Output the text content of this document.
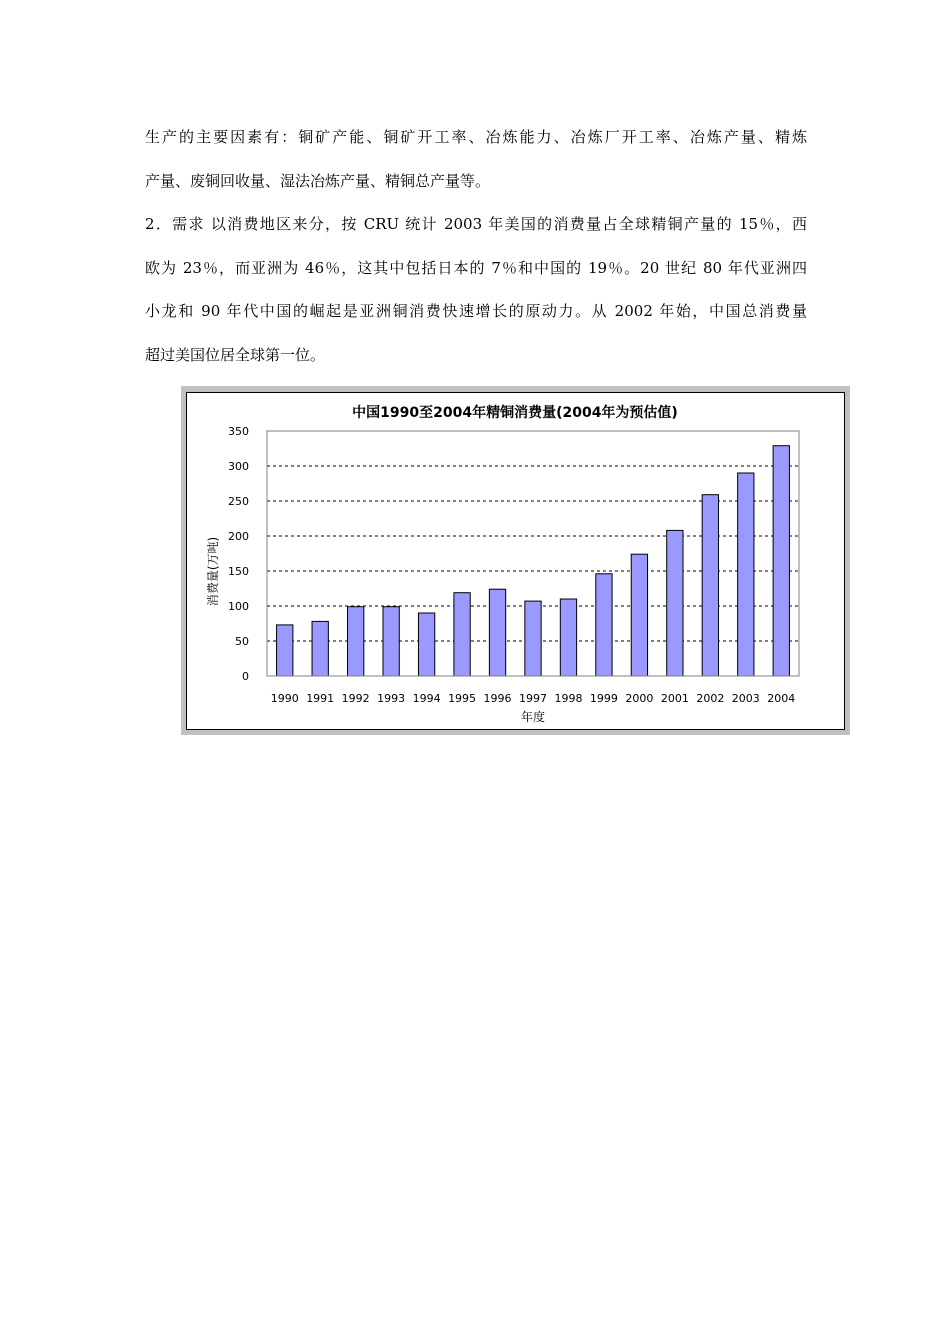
生产的主要因素有：铜矿产能、铜矿开工率、冶炼能力、冶炼厂开工率、冶炼产量、精炼
产量、废铜回收量、湿法冶炼产量、精铜总产量等。

2．需求 以消费地区来分，按 CRU 统计 2003 年美国的消费量占全球精铜产量的 15％，西
欧为 23％，而亚洲为 46％，这其中包括日本的 7％和中国的 19％。20 世纪 80 年代亚洲四
小龙和 90 年代中国的崛起是亚洲铜消费快速增长的原动力。从 2002 年始，中国总消费量
超过美国位居全球第一位。

中国1990至2004年精铜消费量(2004年为预估值)
0
50
100
150
200
250
300
350
1990 1991 1992 1993 1994 1995 1996 1997 1998 1999 2000 2001 2002 2003 2004
年度
消费量(万吨)
